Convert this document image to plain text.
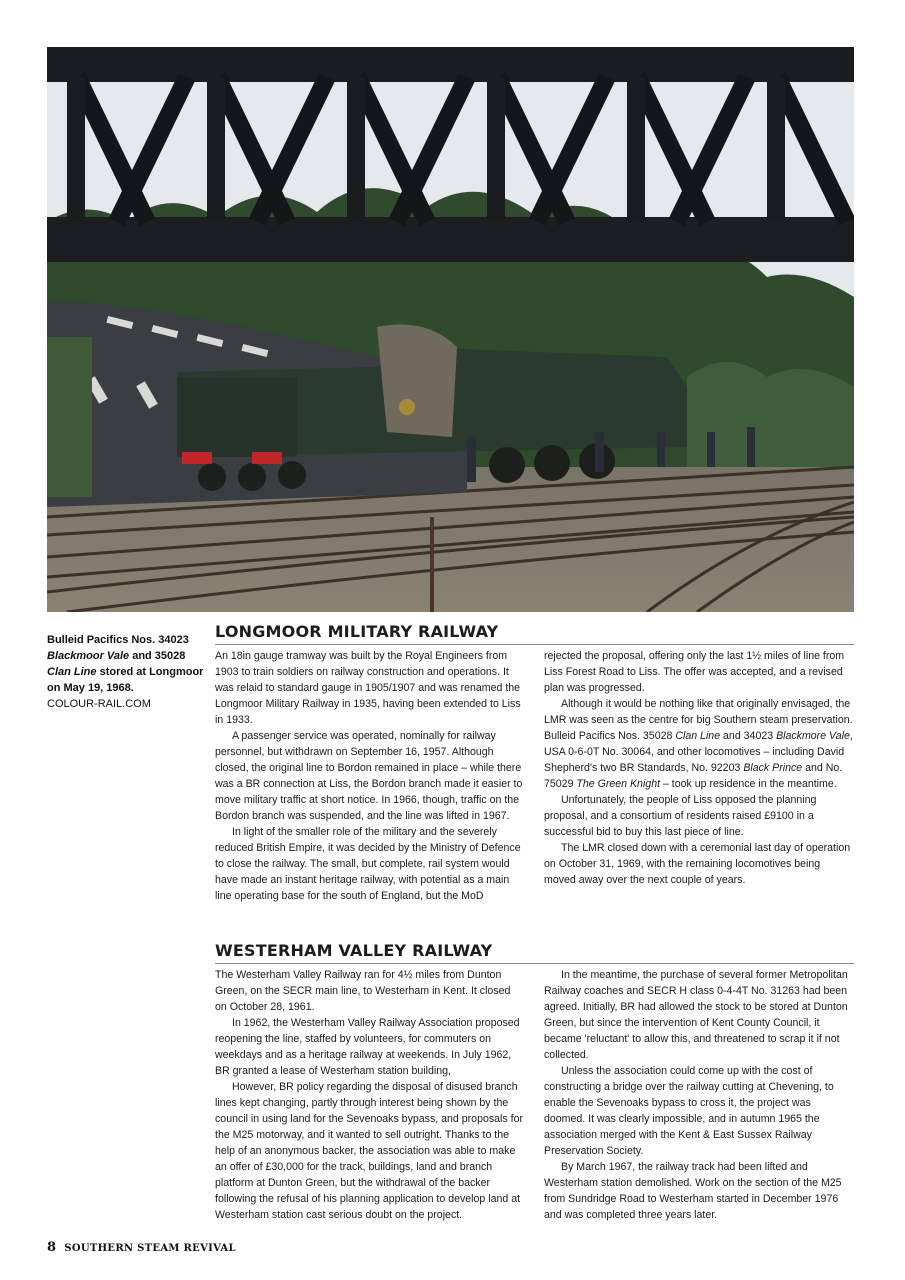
Bulleid Pacifics Nos. 34023 Blackmoor Vale and 35028 Clan Line stored at Longmoor on May 19, 1968.
COLOUR-RAIL.COM
LONGMOOR MILITARY RAILWAY

An 18in gauge tramway was built by the Royal Engineers from 1903 to train soldiers on railway construction and operations. It was relaid to standard gauge in 1905/1907 and was renamed the Longmoor Military Railway in 1935, having been extended to Liss in 1933.

A passenger service was operated, nominally for railway personnel, but withdrawn on September 16, 1957. Although closed, the original line to Bordon remained in place – while there was a BR connection at Liss, the Bordon branch made it easier to move military traffic at short notice. In 1966, though, traffic on the Bordon branch was suspended, and the line was lifted in 1967.

In light of the smaller role of the military and the severely reduced British Empire, it was decided by the Ministry of Defence to close the railway. The small, but complete, rail system would have made an instant heritage railway, with potential as a main line operating base for the south of England, but the MoD

rejected the proposal, offering only the last 1½ miles of line from Liss Forest Road to Liss. The offer was accepted, and a revised plan was progressed.

Although it would be nothing like that originally envisaged, the LMR was seen as the centre for big Southern steam preservation. Bulleid Pacifics Nos. 35028 Clan Line and 34023 Blackmore Vale, USA 0-6-0T No. 30064, and other locomotives – including David Shepherd's two BR Standards, No. 92203 Black Prince and No. 75029 The Green Knight – took up residence in the meantime.

Unfortunately, the people of Liss opposed the planning proposal, and a consortium of residents raised £9100 in a successful bid to buy this last piece of line.

The LMR closed down with a ceremonial last day of operation on October 31, 1969, with the remaining locomotives being moved away over the next couple of years.

WESTERHAM VALLEY RAILWAY

The Westerham Valley Railway ran for 4½ miles from Dunton Green, on the SECR main line, to Westerham in Kent. It closed on October 28, 1961.

In 1962, the Westerham Valley Railway Association proposed reopening the line, staffed by volunteers, for commuters on weekdays and as a heritage railway at weekends. In July 1962, BR granted a lease of Westerham station building,

However, BR policy regarding the disposal of disused branch lines kept changing, partly through interest being shown by the council in using land for the Sevenoaks bypass, and proposals for the M25 motorway, and it wanted to sell outright. Thanks to the help of an anonymous backer, the association was able to make an offer of £30,000 for the track, buildings, land and branch platform at Dunton Green, but the withdrawal of the backer following the refusal of his planning application to develop land at Westerham station cast serious doubt on the project.

In the meantime, the purchase of several former Metropolitan Railway coaches and SECR H class 0-4-4T No. 31263 had been agreed. Initially, BR had allowed the stock to be stored at Dunton Green, but since the intervention of Kent County Council, it became 'reluctant' to allow this, and threatened to scrap it if not collected.

Unless the association could come up with the cost of constructing a bridge over the railway cutting at Chevening, to enable the Sevenoaks bypass to cross it, the project was doomed. It was clearly impossible, and in autumn 1965 the association merged with the Kent & East Sussex Railway Preservation Society.

By March 1967, the railway track had been lifted and Westerham station demolished. Work on the section of the M25 from Sundridge Road to Westerham started in December 1976 and was completed three years later.

8 SOUTHERN STEAM REVIVAL
